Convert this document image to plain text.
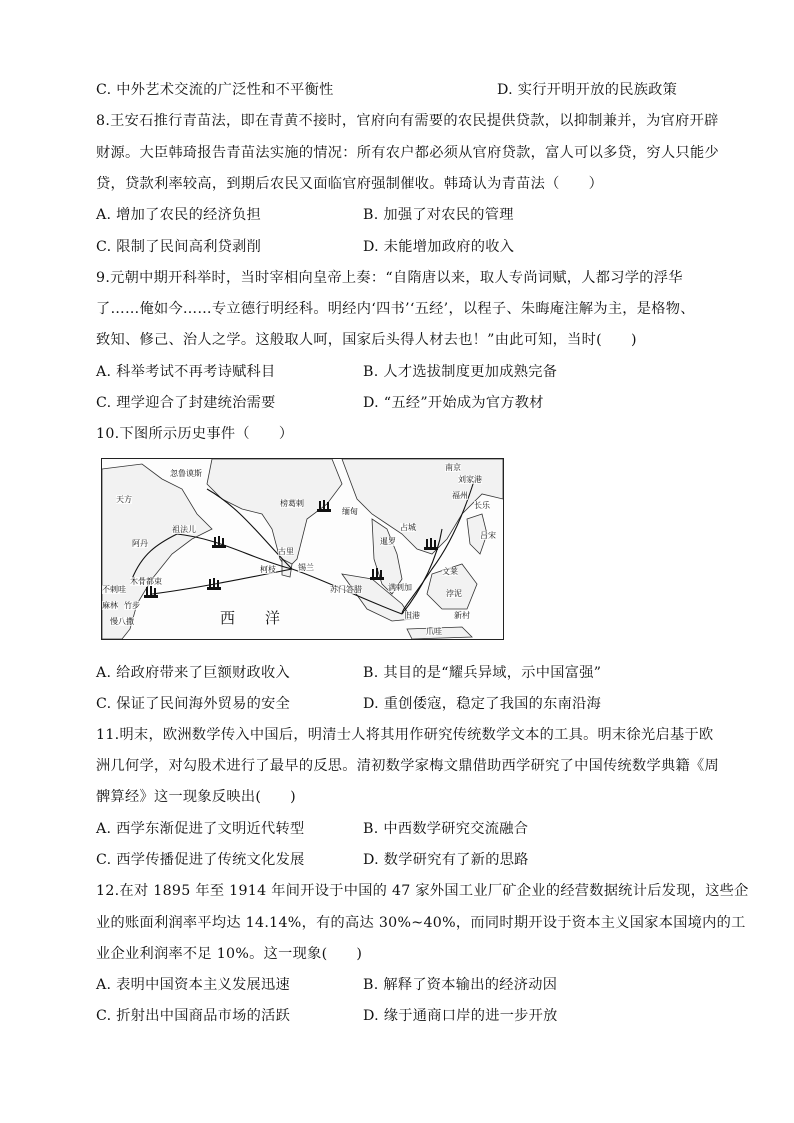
C. 中外艺术交流的广泛性和不平衡性	D. 实行开明开放的民族政策
8.王安石推行青苗法，即在青黄不接时，官府向有需要的农民提供贷款，以抑制兼并，为官府开辟
财源。大臣韩琦报告青苗法实施的情况：所有农户都必须从官府贷款，富人可以多贷，穷人只能少
贷，贷款利率较高，到期后农民又面临官府强制催收。韩琦认为青苗法（　　）
A. 增加了农民的经济负担	B. 加强了对农民的管理
C. 限制了民间高利贷剥削	D. 未能增加政府的收入
9.元朝中期开科举时，当时宰相向皇帝上奏：“自隋唐以来，取人专尚词赋，人都习学的浮华
了……俺如今……专立德行明经科。明经内‘四书’‘五经’，以程子、朱晦庵注解为主，是格物、
致知、修己、治人之学。这般取人呵，国家后头得人材去也！”由此可知，当时(　　)
A. 科举考试不再考诗赋科目	B. 人才选拔制度更加成熟完备
C. 理学迎合了封建统治需要	D. “五经”开始成为官方教材
10.下图所示历史事件（　　）
南京
刘家港
福州
长乐
忽鲁谟斯
天方
祖法儿
阿丹
榜葛剌
缅甸
占城
古里
柯枝	锡兰
暹罗
吕宋
文莱
满剌加
苏门答腊
旧港
浡泥
新村
爪哇
木骨都束
不剌哇
竹步
麻林
慢八撒	西　　洋
A. 给政府带来了巨额财政收入	B. 其目的是“耀兵异域，示中国富强”
C. 保证了民间海外贸易的安全	D. 重创倭寇，稳定了我国的东南沿海
11.明末，欧洲数学传入中国后，明清士人将其用作研究传统数学文本的工具。明末徐光启基于欧
洲几何学，对勾股术进行了最早的反思。清初数学家梅文鼎借助西学研究了中国传统数学典籍《周
髀算经》这一现象反映出(　　)
A. 西学东渐促进了文明近代转型	B. 中西数学研究交流融合
C. 西学传播促进了传统文化发展	D. 数学研究有了新的思路
12.在对 1895 年至 1914 年间开设于中国的 47 家外国工业厂矿企业的经营数据统计后发现，这些企
业的账面利润率平均达 14.14%，有的高达 30%~40%，而同时期开设于资本主义国家本国境内的工
业企业利润率不足 10%。这一现象(　　)
A. 表明中国资本主义发展迅速	B. 解释了资本输出的经济动因
C. 折射出中国商品市场的活跃	D. 缘于通商口岸的进一步开放
